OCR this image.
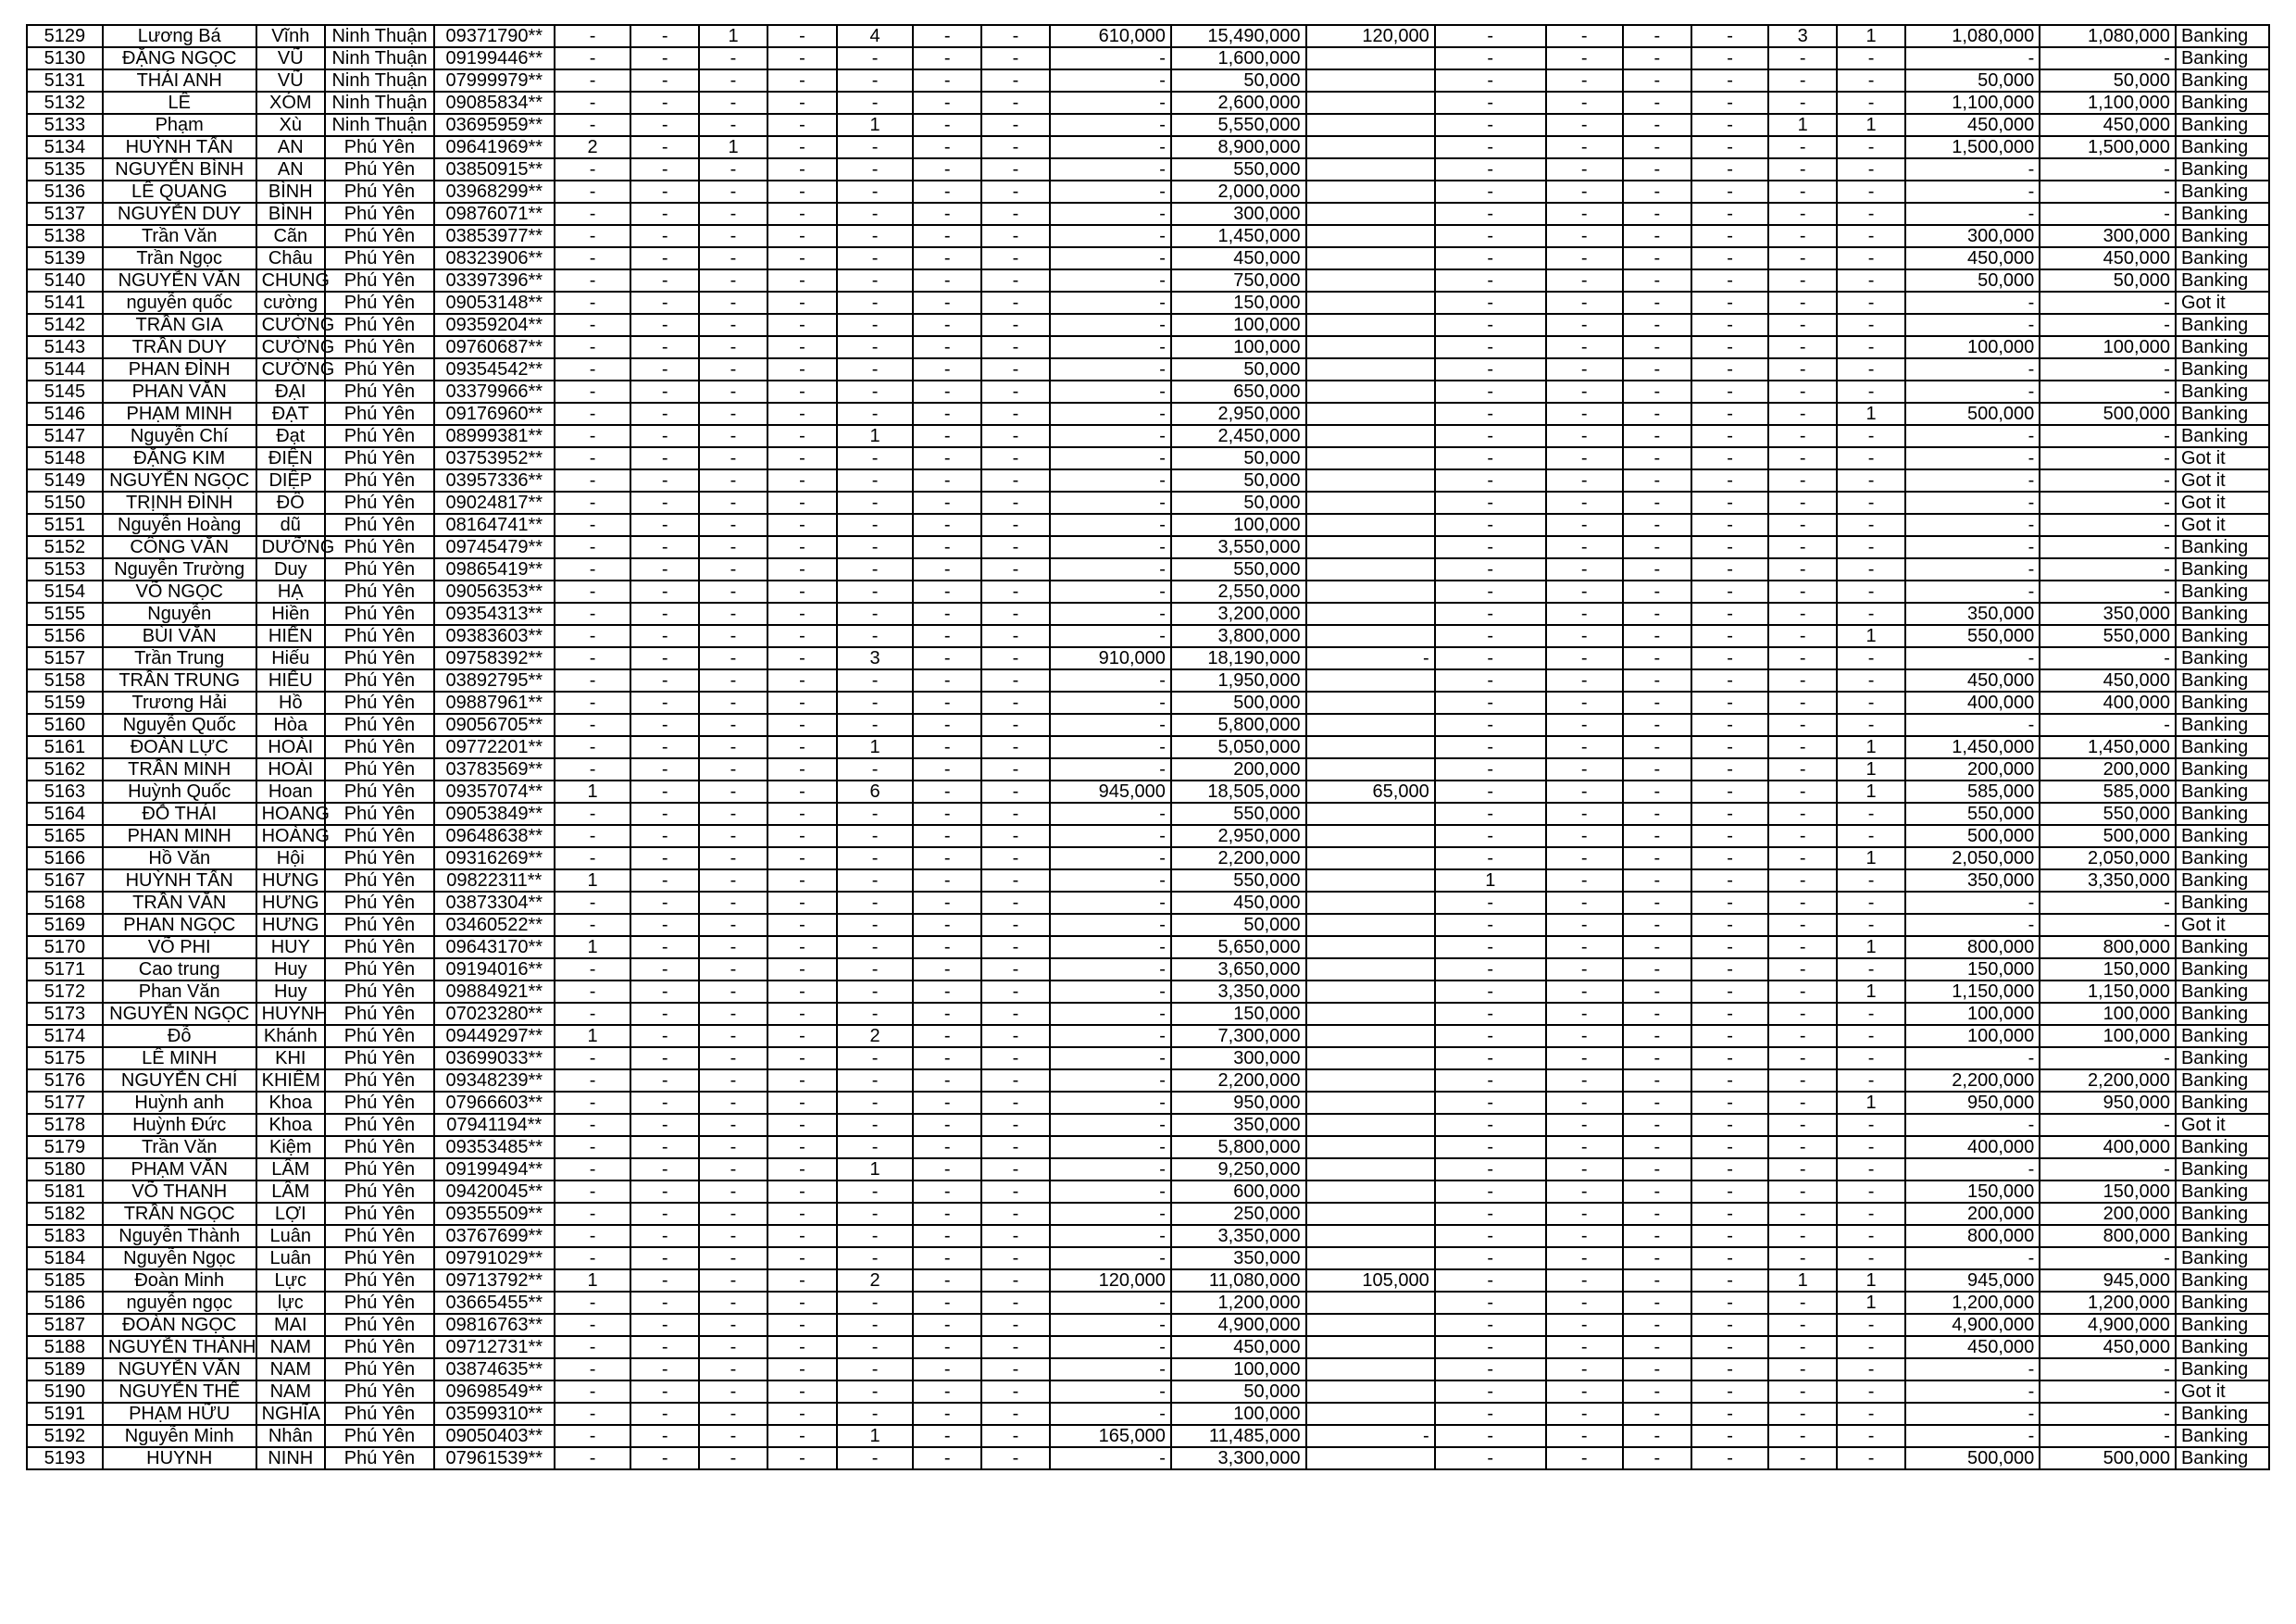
5129	Lương Bá	Vĩnh	Ninh Thuận	09371790**	-	-	1	-	4	-	-	610,000	15,490,000	120,000	-	-	-	-	3	1	1,080,000	1,080,000	Banking
5130	ĐẶNG NGỌC	VŨ	Ninh Thuận	09199446**	-	-	-	-	-	-	-	-	1,600,000		-	-	-	-	-	-	-	-	Banking
5131	THÁI ANH	VŨ	Ninh Thuận	07999979**	-	-	-	-	-	-	-	-	50,000		-	-	-	-	-	-	50,000	50,000	Banking
5132	LÊ	XÓM	Ninh Thuận	09085834**	-	-	-	-	-	-	-	-	2,600,000		-	-	-	-	-	-	1,100,000	1,100,000	Banking
5133	Phạm	Xù	Ninh Thuận	03695959**	-	-	-	-	1	-	-	-	5,550,000		-	-	-	-	1	1	450,000	450,000	Banking
5134	HUỲNH TẤN	AN	Phú Yên	09641969**	2	-	1	-	-	-	-	-	8,900,000		-	-	-	-	-	-	1,500,000	1,500,000	Banking
5135	NGUYỄN BÌNH	AN	Phú Yên	03850915**	-	-	-	-	-	-	-	-	550,000		-	-	-	-	-	-	-	-	Banking
5136	LÊ QUANG	BÌNH	Phú Yên	03968299**	-	-	-	-	-	-	-	-	2,000,000		-	-	-	-	-	-	-	-	Banking
5137	NGUYỄN DUY	BÌNH	Phú Yên	09876071**	-	-	-	-	-	-	-	-	300,000		-	-	-	-	-	-	-	-	Banking
5138	Trần Văn	Cãn	Phú Yên	03853977**	-	-	-	-	-	-	-	-	1,450,000		-	-	-	-	-	-	300,000	300,000	Banking
5139	Trần Ngọc	Châu	Phú Yên	08323906**	-	-	-	-	-	-	-	-	450,000		-	-	-	-	-	-	450,000	450,000	Banking
5140	NGUYỄN VĂN	CHUNG	Phú Yên	03397396**	-	-	-	-	-	-	-	-	750,000		-	-	-	-	-	-	50,000	50,000	Banking
5141	nguyễn quốc	cường	Phú Yên	09053148**	-	-	-	-	-	-	-	-	150,000		-	-	-	-	-	-	-	-	Got it
5142	TRẦN GIA	CƯỜNG	Phú Yên	09359204**	-	-	-	-	-	-	-	-	100,000		-	-	-	-	-	-	-	-	Banking
5143	TRẦN DUY	CƯỜNG	Phú Yên	09760687**	-	-	-	-	-	-	-	-	100,000		-	-	-	-	-	-	100,000	100,000	Banking
5144	PHAN ĐÌNH	CƯỜNG	Phú Yên	09354542**	-	-	-	-	-	-	-	-	50,000		-	-	-	-	-	-	-	-	Banking
5145	PHAN VĂN	ĐẠI	Phú Yên	03379966**	-	-	-	-	-	-	-	-	650,000		-	-	-	-	-	-	-	-	Banking
5146	PHẠM MINH	ĐẠT	Phú Yên	09176960**	-	-	-	-	-	-	-	-	2,950,000		-	-	-	-	-	1	500,000	500,000	Banking
5147	Nguyễn Chí	Đạt	Phú Yên	08999381**	-	-	-	-	1	-	-	-	2,450,000		-	-	-	-	-	-	-	-	Banking
5148	ĐẶNG KIM	ĐIỆN	Phú Yên	03753952**	-	-	-	-	-	-	-	-	50,000		-	-	-	-	-	-	-	-	Got it
5149	NGUYỄN NGỌC	DIỆP	Phú Yên	03957336**	-	-	-	-	-	-	-	-	50,000		-	-	-	-	-	-	-	-	Got it
5150	TRỊNH ĐÌNH	ĐÔ	Phú Yên	09024817**	-	-	-	-	-	-	-	-	50,000		-	-	-	-	-	-	-	-	Got it
5151	Nguyễn Hoàng	dũ	Phú Yên	08164741**	-	-	-	-	-	-	-	-	100,000		-	-	-	-	-	-	-	-	Got it
5152	CÔNG VĂN	DƯỠNG	Phú Yên	09745479**	-	-	-	-	-	-	-	-	3,550,000		-	-	-	-	-	-	-	-	Banking
5153	Nguyễn Trường	Duy	Phú Yên	09865419**	-	-	-	-	-	-	-	-	550,000		-	-	-	-	-	-	-	-	Banking
5154	VÕ NGỌC	HẠ	Phú Yên	09056353**	-	-	-	-	-	-	-	-	2,550,000		-	-	-	-	-	-	-	-	Banking
5155	Nguyễn	Hiền	Phú Yên	09354313**	-	-	-	-	-	-	-	-	3,200,000		-	-	-	-	-	-	350,000	350,000	Banking
5156	BÙI VĂN	HIỂN	Phú Yên	09383603**	-	-	-	-	-	-	-	-	3,800,000		-	-	-	-	-	1	550,000	550,000	Banking
5157	Trần Trung	Hiếu	Phú Yên	09758392**	-	-	-	-	3	-	-	910,000	18,190,000	-	-	-	-	-	-	-	-	-	Banking
5158	TRẦN TRUNG	HIẾU	Phú Yên	03892795**	-	-	-	-	-	-	-	-	1,950,000		-	-	-	-	-	-	450,000	450,000	Banking
5159	Trương Hải	Hồ	Phú Yên	09887961**	-	-	-	-	-	-	-	-	500,000		-	-	-	-	-	-	400,000	400,000	Banking
5160	Nguyễn Quốc	Hòa	Phú Yên	09056705**	-	-	-	-	-	-	-	-	5,800,000		-	-	-	-	-	-	-	-	Banking
5161	ĐOÀN LỰC	HOÀI	Phú Yên	09772201**	-	-	-	-	1	-	-	-	5,050,000		-	-	-	-	-	1	1,450,000	1,450,000	Banking
5162	TRẦN MINH	HOÀI	Phú Yên	03783569**	-	-	-	-	-	-	-	-	200,000		-	-	-	-	-	1	200,000	200,000	Banking
5163	Huỳnh Quốc	Hoan	Phú Yên	09357074**	1	-	-	-	6	-	-	945,000	18,505,000	65,000	-	-	-	-	-	1	585,000	585,000	Banking
5164	ĐỖ THÁI	HOANG	Phú Yên	09053849**	-	-	-	-	-	-	-	-	550,000		-	-	-	-	-	-	550,000	550,000	Banking
5165	PHAN MINH	HOÀNG	Phú Yên	09648638**	-	-	-	-	-	-	-	-	2,950,000		-	-	-	-	-	-	500,000	500,000	Banking
5166	Hồ Văn	Hội	Phú Yên	09316269**	-	-	-	-	-	-	-	-	2,200,000		-	-	-	-	-	1	2,050,000	2,050,000	Banking
5167	HUỲNH TẤN	HƯNG	Phú Yên	09822311**	1	-	-	-	-	-	-	-	550,000		1	-	-	-	-	-	350,000	3,350,000	Banking
5168	TRẦN VĂN	HƯNG	Phú Yên	03873304**	-	-	-	-	-	-	-	-	450,000		-	-	-	-	-	-	-	-	Banking
5169	PHAN NGỌC	HƯNG	Phú Yên	03460522**	-	-	-	-	-	-	-	-	50,000		-	-	-	-	-	-	-	-	Got it
5170	VÕ PHI	HUY	Phú Yên	09643170**	1	-	-	-	-	-	-	-	5,650,000		-	-	-	-	-	1	800,000	800,000	Banking
5171	Cao trung	Huy	Phú Yên	09194016**	-	-	-	-	-	-	-	-	3,650,000		-	-	-	-	-	-	150,000	150,000	Banking
5172	Phan Văn	Huy	Phú Yên	09884921**	-	-	-	-	-	-	-	-	3,350,000		-	-	-	-	-	1	1,150,000	1,150,000	Banking
5173	NGUYỄN NGỌC	HUYNH	Phú Yên	07023280**	-	-	-	-	-	-	-	-	150,000		-	-	-	-	-	-	100,000	100,000	Banking
5174	Đỗ	Khánh	Phú Yên	09449297**	1	-	-	-	2	-	-	-	7,300,000		-	-	-	-	-	-	100,000	100,000	Banking
5175	LÊ MINH	KHI	Phú Yên	03699033**	-	-	-	-	-	-	-	-	300,000		-	-	-	-	-	-	-	-	Banking
5176	NGUYỄN CHÍ	KHIÊM	Phú Yên	09348239**	-	-	-	-	-	-	-	-	2,200,000		-	-	-	-	-	-	2,200,000	2,200,000	Banking
5177	Huỳnh anh	Khoa	Phú Yên	07966603**	-	-	-	-	-	-	-	-	950,000		-	-	-	-	-	1	950,000	950,000	Banking
5178	Huỳnh Đức	Khoa	Phú Yên	07941194**	-	-	-	-	-	-	-	-	350,000		-	-	-	-	-	-	-	-	Got it
5179	Trần Văn	Kiệm	Phú Yên	09353485**	-	-	-	-	-	-	-	-	5,800,000		-	-	-	-	-	-	400,000	400,000	Banking
5180	PHẠM VĂN	LÂM	Phú Yên	09199494**	-	-	-	-	1	-	-	-	9,250,000		-	-	-	-	-	-	-	-	Banking
5181	VÕ THANH	LÂM	Phú Yên	09420045**	-	-	-	-	-	-	-	-	600,000		-	-	-	-	-	-	150,000	150,000	Banking
5182	TRẦN NGỌC	LỢI	Phú Yên	09355509**	-	-	-	-	-	-	-	-	250,000		-	-	-	-	-	-	200,000	200,000	Banking
5183	Nguyễn Thành	Luân	Phú Yên	03767699**	-	-	-	-	-	-	-	-	3,350,000		-	-	-	-	-	-	800,000	800,000	Banking
5184	Nguyễn Ngọc	Luân	Phú Yên	09791029**	-	-	-	-	-	-	-	-	350,000		-	-	-	-	-	-	-	-	Banking
5185	Đoàn Minh	Lực	Phú Yên	09713792**	1	-	-	-	2	-	-	120,000	11,080,000	105,000	-	-	-	-	1	1	945,000	945,000	Banking
5186	nguyễn ngọc	lực	Phú Yên	03665455**	-	-	-	-	-	-	-	-	1,200,000		-	-	-	-	-	1	1,200,000	1,200,000	Banking
5187	ĐOÀN NGỌC	MAI	Phú Yên	09816763**	-	-	-	-	-	-	-	-	4,900,000		-	-	-	-	-	-	4,900,000	4,900,000	Banking
5188	NGUYỄN THÀNH	NAM	Phú Yên	09712731**	-	-	-	-	-	-	-	-	450,000		-	-	-	-	-	-	450,000	450,000	Banking
5189	NGUYỄN VĂN	NAM	Phú Yên	03874635**	-	-	-	-	-	-	-	-	100,000		-	-	-	-	-	-	-	-	Banking
5190	NGUYỄN THẾ	NAM	Phú Yên	09698549**	-	-	-	-	-	-	-	-	50,000		-	-	-	-	-	-	-	-	Got it
5191	PHẠM HỮU	NGHĨA	Phú Yên	03599310**	-	-	-	-	-	-	-	-	100,000		-	-	-	-	-	-	-	-	Banking
5192	Nguyễn Minh	Nhân	Phú Yên	09050403**	-	-	-	-	1	-	-	165,000	11,485,000	-	-	-	-	-	-	-	-	-	Banking
5193	HUYNH	NINH	Phú Yên	07961539**	-	-	-	-	-	-	-	-	3,300,000		-	-	-	-	-	-	500,000	500,000	Banking
